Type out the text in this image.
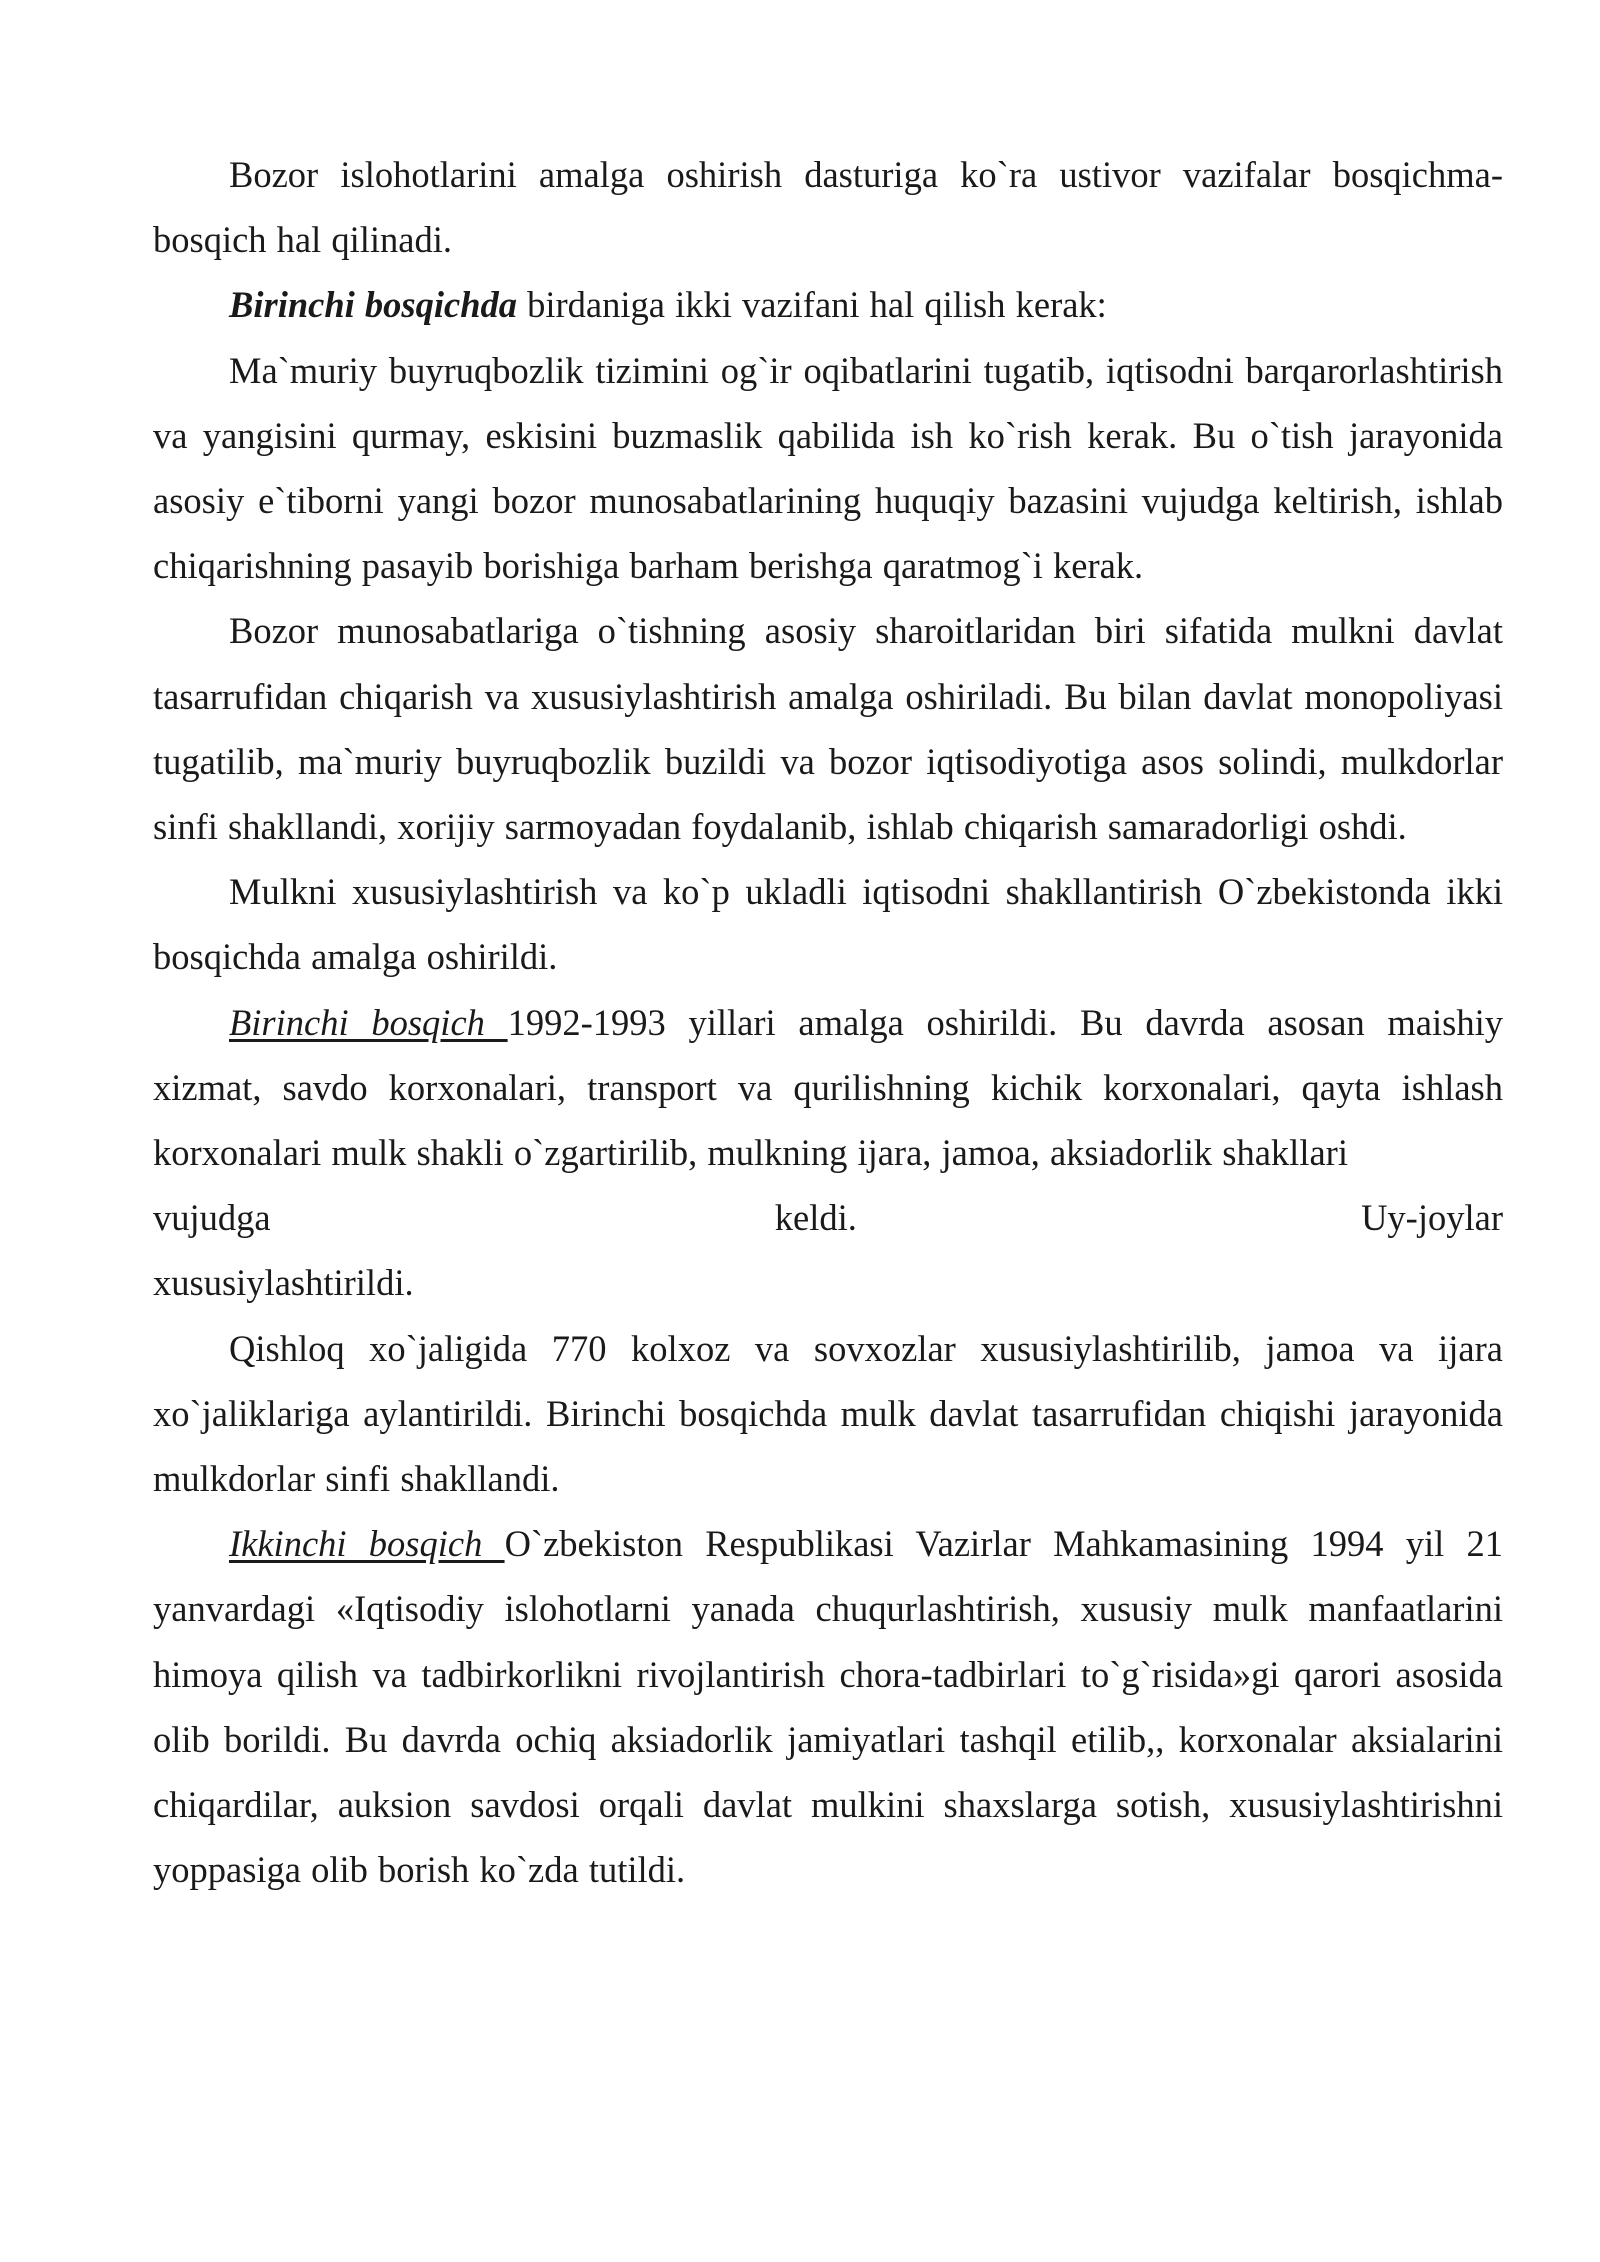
Bozor islohotlarini amalga oshirish dasturiga ko`ra ustivor vazifalar bosqichma-bosqich hal qilinadi.

Birinchi bosqichda birdaniga ikki vazifani hal qilish kerak:

Ma`muriy buyruqbozlik tizimini og`ir oqibatlarini tugatib, iqtisodni barqarorlashtirish va yangisini qurmay, eskisini buzmaslik qabilida ish ko`rish kerak. Bu o`tish jarayonida asosiy e`tiborni yangi bozor munosabatlarining huquqiy bazasini vujudga keltirish, ishlab chiqarishning pasayib borishiga barham berishga qaratmog`i kerak.

Bozor munosabatlariga o`tishning asosiy sharoitlaridan biri sifatida mulkni davlat tasarrufidan chiqarish va xususiylashtirish amalga oshiriladi. Bu bilan davlat monopoliyasi tugatilib, ma`muriy buyruqbozlik buzildi va bozor iqtisodiyotiga asos solindi, mulkdorlar sinfi shakllandi, xorijiy sarmoyadan foydalanib, ishlab chiqarish samaradorligi oshdi.

Mulkni xususiylashtirish va ko`p ukladli iqtisodni shakllantirish O`zbekistonda ikki bosqichda amalga oshirildi.

Birinchi bosqich 1992-1993 yillari amalga oshirildi. Bu davrda asosan maishiy xizmat, savdo korxonalari, transport va qurilishning kichik korxonalari, qayta ishlash korxonalari mulk shakli o`zgartirilib, mulkning ijara, jamoa, aksiadorlik shakllari

vujudga	keldi.	Uy-joylar
xususiylashtirildi.

Qishloq xo`jaligida 770 kolxoz va sovxozlar xususiylashtirilib, jamoa va ijara xo`jaliklariga aylantirildi. Birinchi bosqichda mulk davlat tasarrufidan chiqishi jarayonida mulkdorlar sinfi shakllandi.

Ikkinchi bosqich O`zbekiston Respublikasi Vazirlar Mahkamasining 1994 yil 21 yanvardagi «Iqtisodiy islohotlarni yanada chuqurlashtirish, xususiy mulk manfaatlarini himoya qilish va tadbirkorlikni rivojlantirish chora-tadbirlari to`g`risida»gi qarori asosida olib borildi. Bu davrda ochiq aksiadorlik jamiyatlari tashqil etilib,, korxonalar aksialarini chiqardilar, auksion savdosi orqali davlat mulkini shaxslarga sotish, xususiylashtirishni yoppasiga olib borish ko`zda tutildi.
